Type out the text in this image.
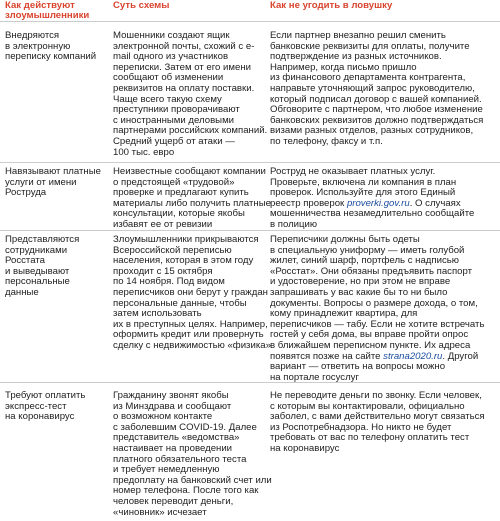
Как действуют
злоумышленники
Суть схемы	Как не угодить в ловушку
Внедряются
в электронную
переписку компаний
Мошенники создают ящик
электронной почты, схожий с e-
mail одного из участников
переписки. Затем от его имени
сообщают об изменении
реквизитов на оплату поставки.
Чаще всего такую схему
преступники проворачивают
с иностранными деловыми
партнерами российских компаний.
Средний ущерб от атаки —
100 тыс. евро
Если партнер внезапно решил сменить
банковские реквизиты для оплаты, получите
подтверждение из разных источников.
Например, когда письмо пришло
из финансового департамента контрагента,
направьте уточняющий запрос руководителю,
который подписал договор с вашей компанией.
Обговорите с партнером, что любое изменение
банковских реквизитов должно подтверждаться
визами разных отделов, разных сотрудников,
по телефону, факсу и т.п.
Навязывают платные
услуги от имени
Роструда
Неизвестные сообщают компании
о предстоящей «трудовой»
проверке и предлагают купить
материалы либо получить платные
консультации, которые якобы
избавят ее от ревизии
Роструд не оказывает платных услуг.
Проверьте, включена ли компания в план
проверок. Используйте для этого Единый
реестр проверок proverki.gov.ru. О случаях
мошенничества незамедлительно сообщайте
в полицию
Представляются
сотрудниками
Росстата
и выведывают
персональные
данные
Злоумышленники прикрываются
Всероссийской переписью
населения, которая в этом году
проходит с 15 октября
по 14 ноября. Под видом
переписчиков они берут у граждан
персональные данные, чтобы
затем использовать
их в преступных целях. Например,
оформить кредит или провернуть
сделку с недвижимостью «физика»
Переписчики должны быть одеты
в специальную униформу — иметь голубой
жилет, синий шарф, портфель с надписью
«Росстат». Они обязаны предъявить паспорт
и удостоверение, но при этом не вправе
запрашивать у вас какие бы то ни было
документы. Вопросы о размере дохода, о том,
кому принадлежит квартира, для
переписчиков — табу. Если не хотите встречать
гостей у себя дома, вы вправе пройти опрос
в ближайшем переписном пункте. Их адреса
появятся позже на сайте strana2020.ru. Другой
вариант — ответить на вопросы можно
на портале госуслуг
Требуют оплатить
экспресс-тест
на коронавирус
Гражданину звонят якобы
из Минздрава и сообщают
о возможном контакте
с заболевшим COVID-19. Далее
представитель «ведомства»
настаивает на проведении
платного обязательного теста
и требует немедленную
предоплату на банковский счет или
номер телефона. После того как
человек переводит деньги,
«чиновник» исчезает
Не переводите деньги по звонку. Если человек,
с которым вы контактировали, официально
заболел, с вами действительно могут связаться
из Роспотребнадзора. Но никто не будет
требовать от вас по телефону оплатить тест
на коронавирус
